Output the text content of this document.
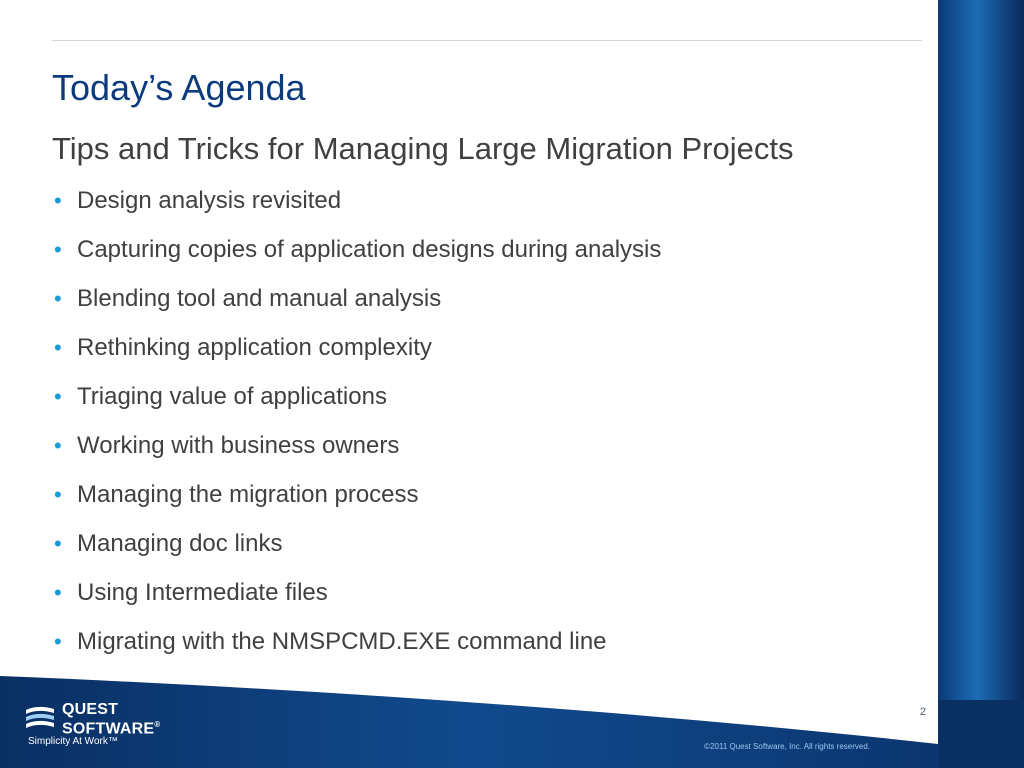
Today’s Agenda
Tips and Tricks for Managing Large Migration Projects
• Design analysis revisited
• Capturing copies of application designs during analysis
• Blending tool and manual analysis
• Rethinking application complexity
• Triaging value of applications
• Working with business owners
• Managing the migration process
• Managing doc links
• Using Intermediate files
• Migrating with the NMSPCMD.EXE command line
2
©2011 Quest Software, Inc. All rights reserved.
QUEST
SOFTWARE®
Simplicity At Work™
